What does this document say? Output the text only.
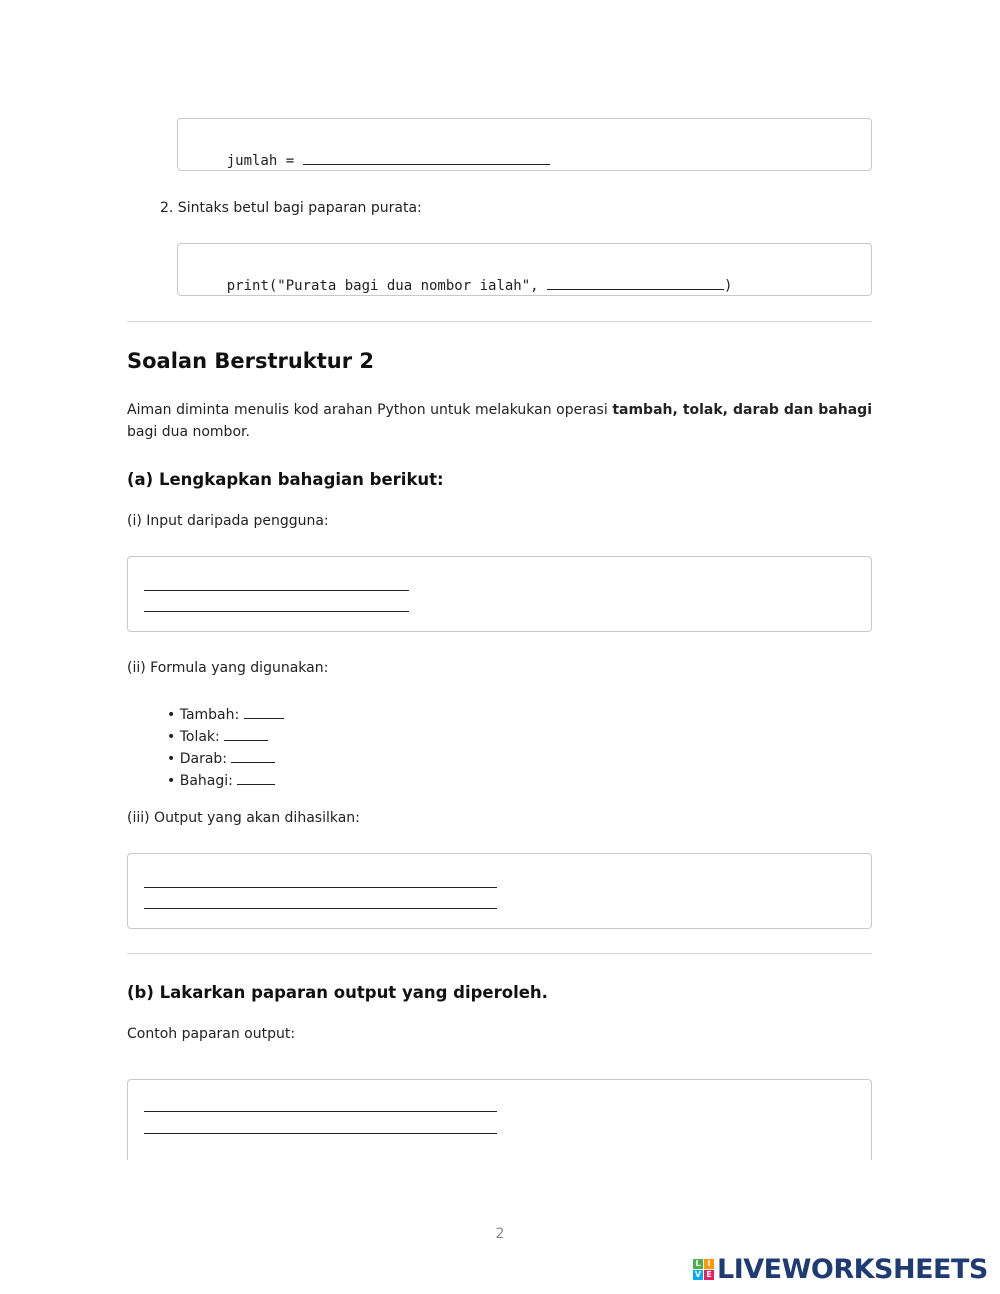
jumlah =

2. Sintaks betul bagi paparan purata:

print("Purata bagi dua nombor ialah",	)

Soalan Berstruktur 2
Aiman diminta menulis kod arahan Python untuk melakukan operasi tambah, tolak, darab dan bahagi bagi dua nombor.
(a) Lengkapkan bahagian berikut:
(i) Input daripada pengguna:
(ii) Formula yang digunakan:
• Tambah:
• Tolak:
• Darab:
• Bahagi:
(iii) Output yang akan dihasilkan:
(b) Lakarkan paparan output yang diperoleh.
Contoh paparan output:
2
L I
V E LIVEWORKSHEETS
